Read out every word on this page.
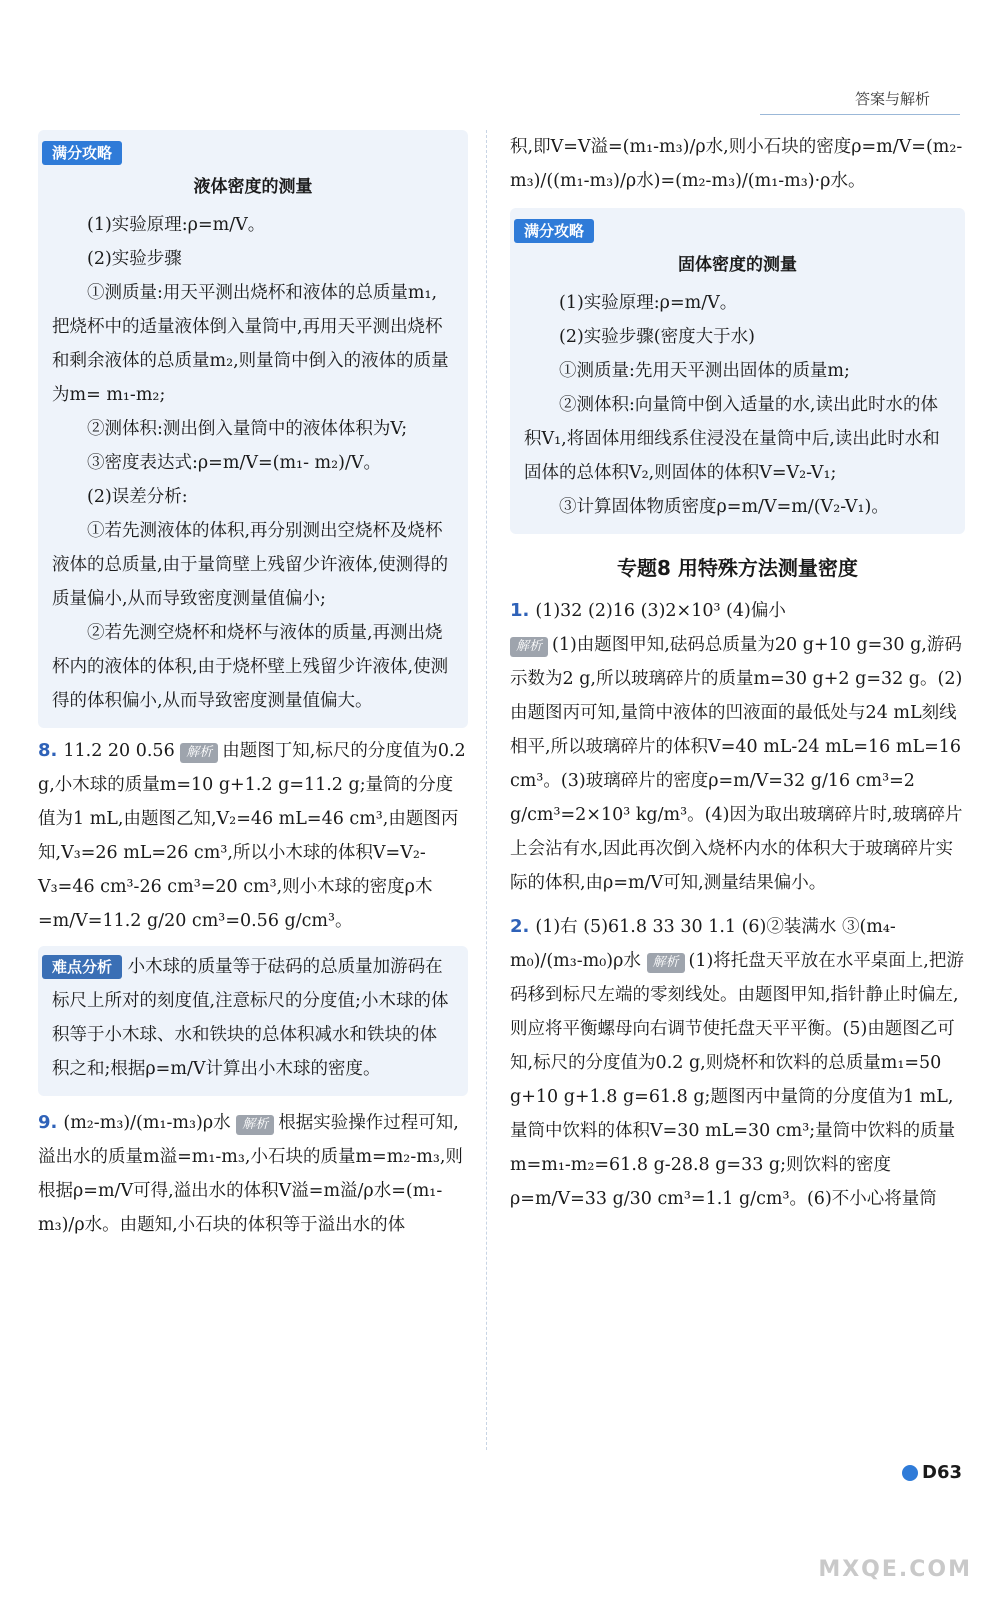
答案与解析
满分攻略
液体密度的测量

(1)实验原理:ρ=m/V。

(2)实验步骤

①测质量:用天平测出烧杯和液体的总质量m₁,把烧杯中的适量液体倒入量筒中,再用天平测出烧杯和剩余液体的总质量m₂,则量筒中倒入的液体的质量为m= m₁-m₂;

②测体积:测出倒入量筒中的液体体积为V;

③密度表达式:ρ=m/V=(m₁- m₂)/V。

(2)误差分析:

①若先测液体的体积,再分别测出空烧杯及烧杯液体的总质量,由于量筒壁上残留少许液体,使测得的质量偏小,从而导致密度测量值偏小;

②若先测空烧杯和烧杯与液体的质量,再测出烧杯内的液体的体积,由于烧杯壁上残留少许液体,使测得的体积偏小,从而导致密度测量值偏大。

8. 11.2 20 0.56 解析 由题图丁知,标尺的分度值为0.2 g,小木球的质量m=10 g+1.2 g=11.2 g;量筒的分度值为1 mL,由题图乙知,V₂=46 mL=46 cm³,由题图丙知,V₃=26 mL=26 cm³,所以小木球的体积V=V₂-V₃=46 cm³-26 cm³=20 cm³,则小木球的密度ρ木=m/V=11.2 g/20 cm³=0.56 g/cm³。

难点分析 小木球的质量等于砝码的总质量加游码在标尺上所对的刻度值,注意标尺的分度值;小木球的体积等于小木球、水和铁块的总体积减水和铁块的体积之和;根据ρ=m/V计算出小木球的密度。

9. (m₂-m₃)/(m₁-m₃)ρ水 解析 根据实验操作过程可知,溢出水的质量m溢=m₁-m₃,小石块的质量m=m₂-m₃,则根据ρ=m/V可得,溢出水的体积V溢=m溢/ρ水=(m₁-m₃)/ρ水。由题知,小石块的体积等于溢出水的体

积,即V=V溢=(m₁-m₃)/ρ水,则小石块的密度ρ=m/V=(m₂-m₃)/((m₁-m₃)/ρ水)=(m₂-m₃)/(m₁-m₃)·ρ水。

满分攻略
固体密度的测量

(1)实验原理:ρ=m/V。

(2)实验步骤(密度大于水)

①测质量:先用天平测出固体的质量m;

②测体积:向量筒中倒入适量的水,读出此时水的体积V₁,将固体用细线系住浸没在量筒中后,读出此时水和固体的总体积V₂,则固体的体积V=V₂-V₁;

③计算固体物质密度ρ=m/V=m/(V₂-V₁)。

专题8 用特殊方法测量密度

1. (1)32 (2)16 (3)2×10³ (4)偏小
解析 (1)由题图甲知,砝码总质量为20 g+10 g=30 g,游码示数为2 g,所以玻璃碎片的质量m=30 g+2 g=32 g。(2)由题图丙可知,量筒中液体的凹液面的最低处与24 mL刻线相平,所以玻璃碎片的体积V=40 mL-24 mL=16 mL=16 cm³。(3)玻璃碎片的密度ρ=m/V=32 g/16 cm³=2 g/cm³=2×10³ kg/m³。(4)因为取出玻璃碎片时,玻璃碎片上会沾有水,因此再次倒入烧杯内水的体积大于玻璃碎片实际的体积,由ρ=m/V可知,测量结果偏小。

2. (1)右 (5)61.8 33 30 1.1 (6)②装满水 ③(m₄-m₀)/(m₃-m₀)ρ水 解析 (1)将托盘天平放在水平桌面上,把游码移到标尺左端的零刻线处。由题图甲知,指针静止时偏左,则应将平衡螺母向右调节使托盘天平平衡。(5)由题图乙可知,标尺的分度值为0.2 g,则烧杯和饮料的总质量m₁=50 g+10 g+1.8 g=61.8 g;题图丙中量筒的分度值为1 mL,量筒中饮料的体积V=30 mL=30 cm³;量筒中饮料的质量m=m₁-m₂=61.8 g-28.8 g=33 g;则饮料的密度ρ=m/V=33 g/30 cm³=1.1 g/cm³。(6)不小心将量筒

D63
MXQE.COM
